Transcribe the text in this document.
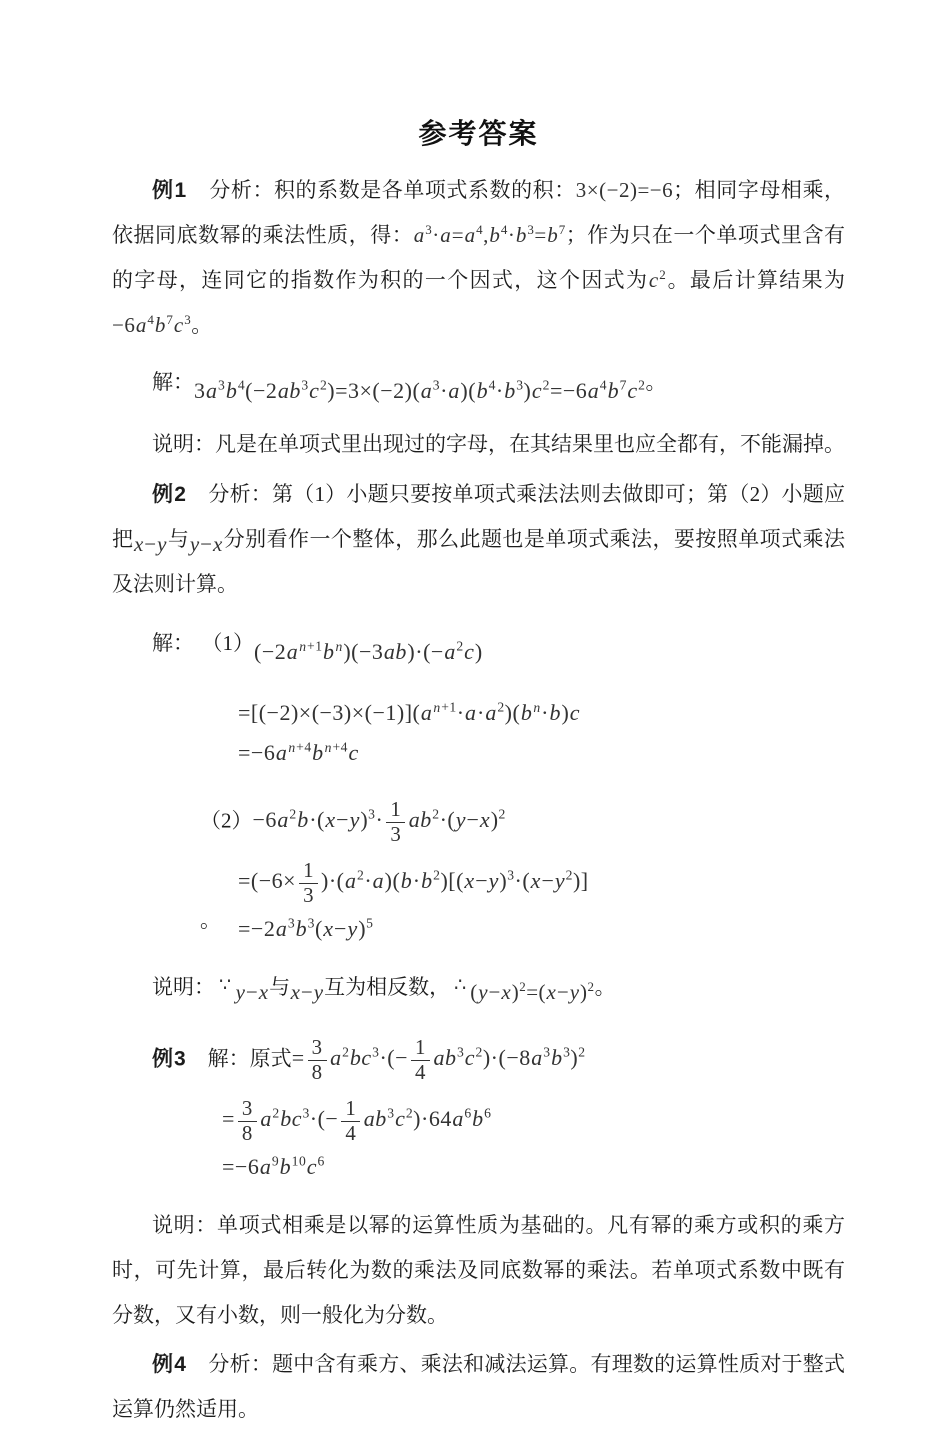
参考答案

例1　分析：积的系数是各单项式系数的积：3×(−2)=−6；相同字母相乘，依据同底数幂的乘法性质，得：$a^3\cdot a=a^4,b^4\cdot b^3=b^7$；作为只在一个单项式里含有的字母，连同它的指数作为积的一个因式，这个因式为$c^2$。最后计算结果为$-6a^4b^7c^3$。

解：$3a^3b^4(-2ab^3c^2)=3\times(-2)(a^3\cdot a)(b^4\cdot b^3)c^2=-6a^4b^7c^2$。

说明：凡是在单项式里出现过的字母，在其结果里也应全都有，不能漏掉。

例2　分析：第（1）小题只要按单项式乘法法则去做即可；第（2）小题应把x−y与y−x分别看作一个整体，那么此题也是单项式乘法，要按照单项式乘法及法则计算。

解： $(1)(-2a^{n+1}b^n)(-3ab)\cdot(-a^2c)$

$=[(-2)\times(-3)\times(-1)](a^{n+1}\cdot a\cdot a^2)(b^n\cdot b)c$
$=-6a^{n+4}b^{n+4}c$

$(2)-6a^2b\cdot(x-y)^3\cdot \frac{1}{3} ab^2\cdot(y-x)^2$

。
$=(-6\times \frac{1}{3} )\cdot(a^2\cdot a)(b\cdot b^2)[(x-y)^3\cdot(x-y^2)]$
$=-2a^3b^3(x-y)^5$

说明： ∵ y−x与x−y互为相反数， ∴ $(y-x)^2=(x-y)^2$。

例3　解：原式= $\frac{3}{8} a^2bc^3\cdot(- \frac{1}{4} ab^3c^2)\cdot(-8a^3b^3)^2$

= $\frac{3}{8} a^2bc^3\cdot(- \frac{1}{4} ab^3c^2)\cdot 64a^6b^6$
$=-6a^9b^{10}c^6$

说明：单项式相乘是以幂的运算性质为基础的。凡有幂的乘方或积的乘方时，可先计算，最后转化为数的乘法及同底数幂的乘法。若单项式系数中既有分数，又有小数，则一般化为分数。

例4　分析：题中含有乘方、乘法和减法运算。有理数的运算性质对于整式运算仍然适用。
